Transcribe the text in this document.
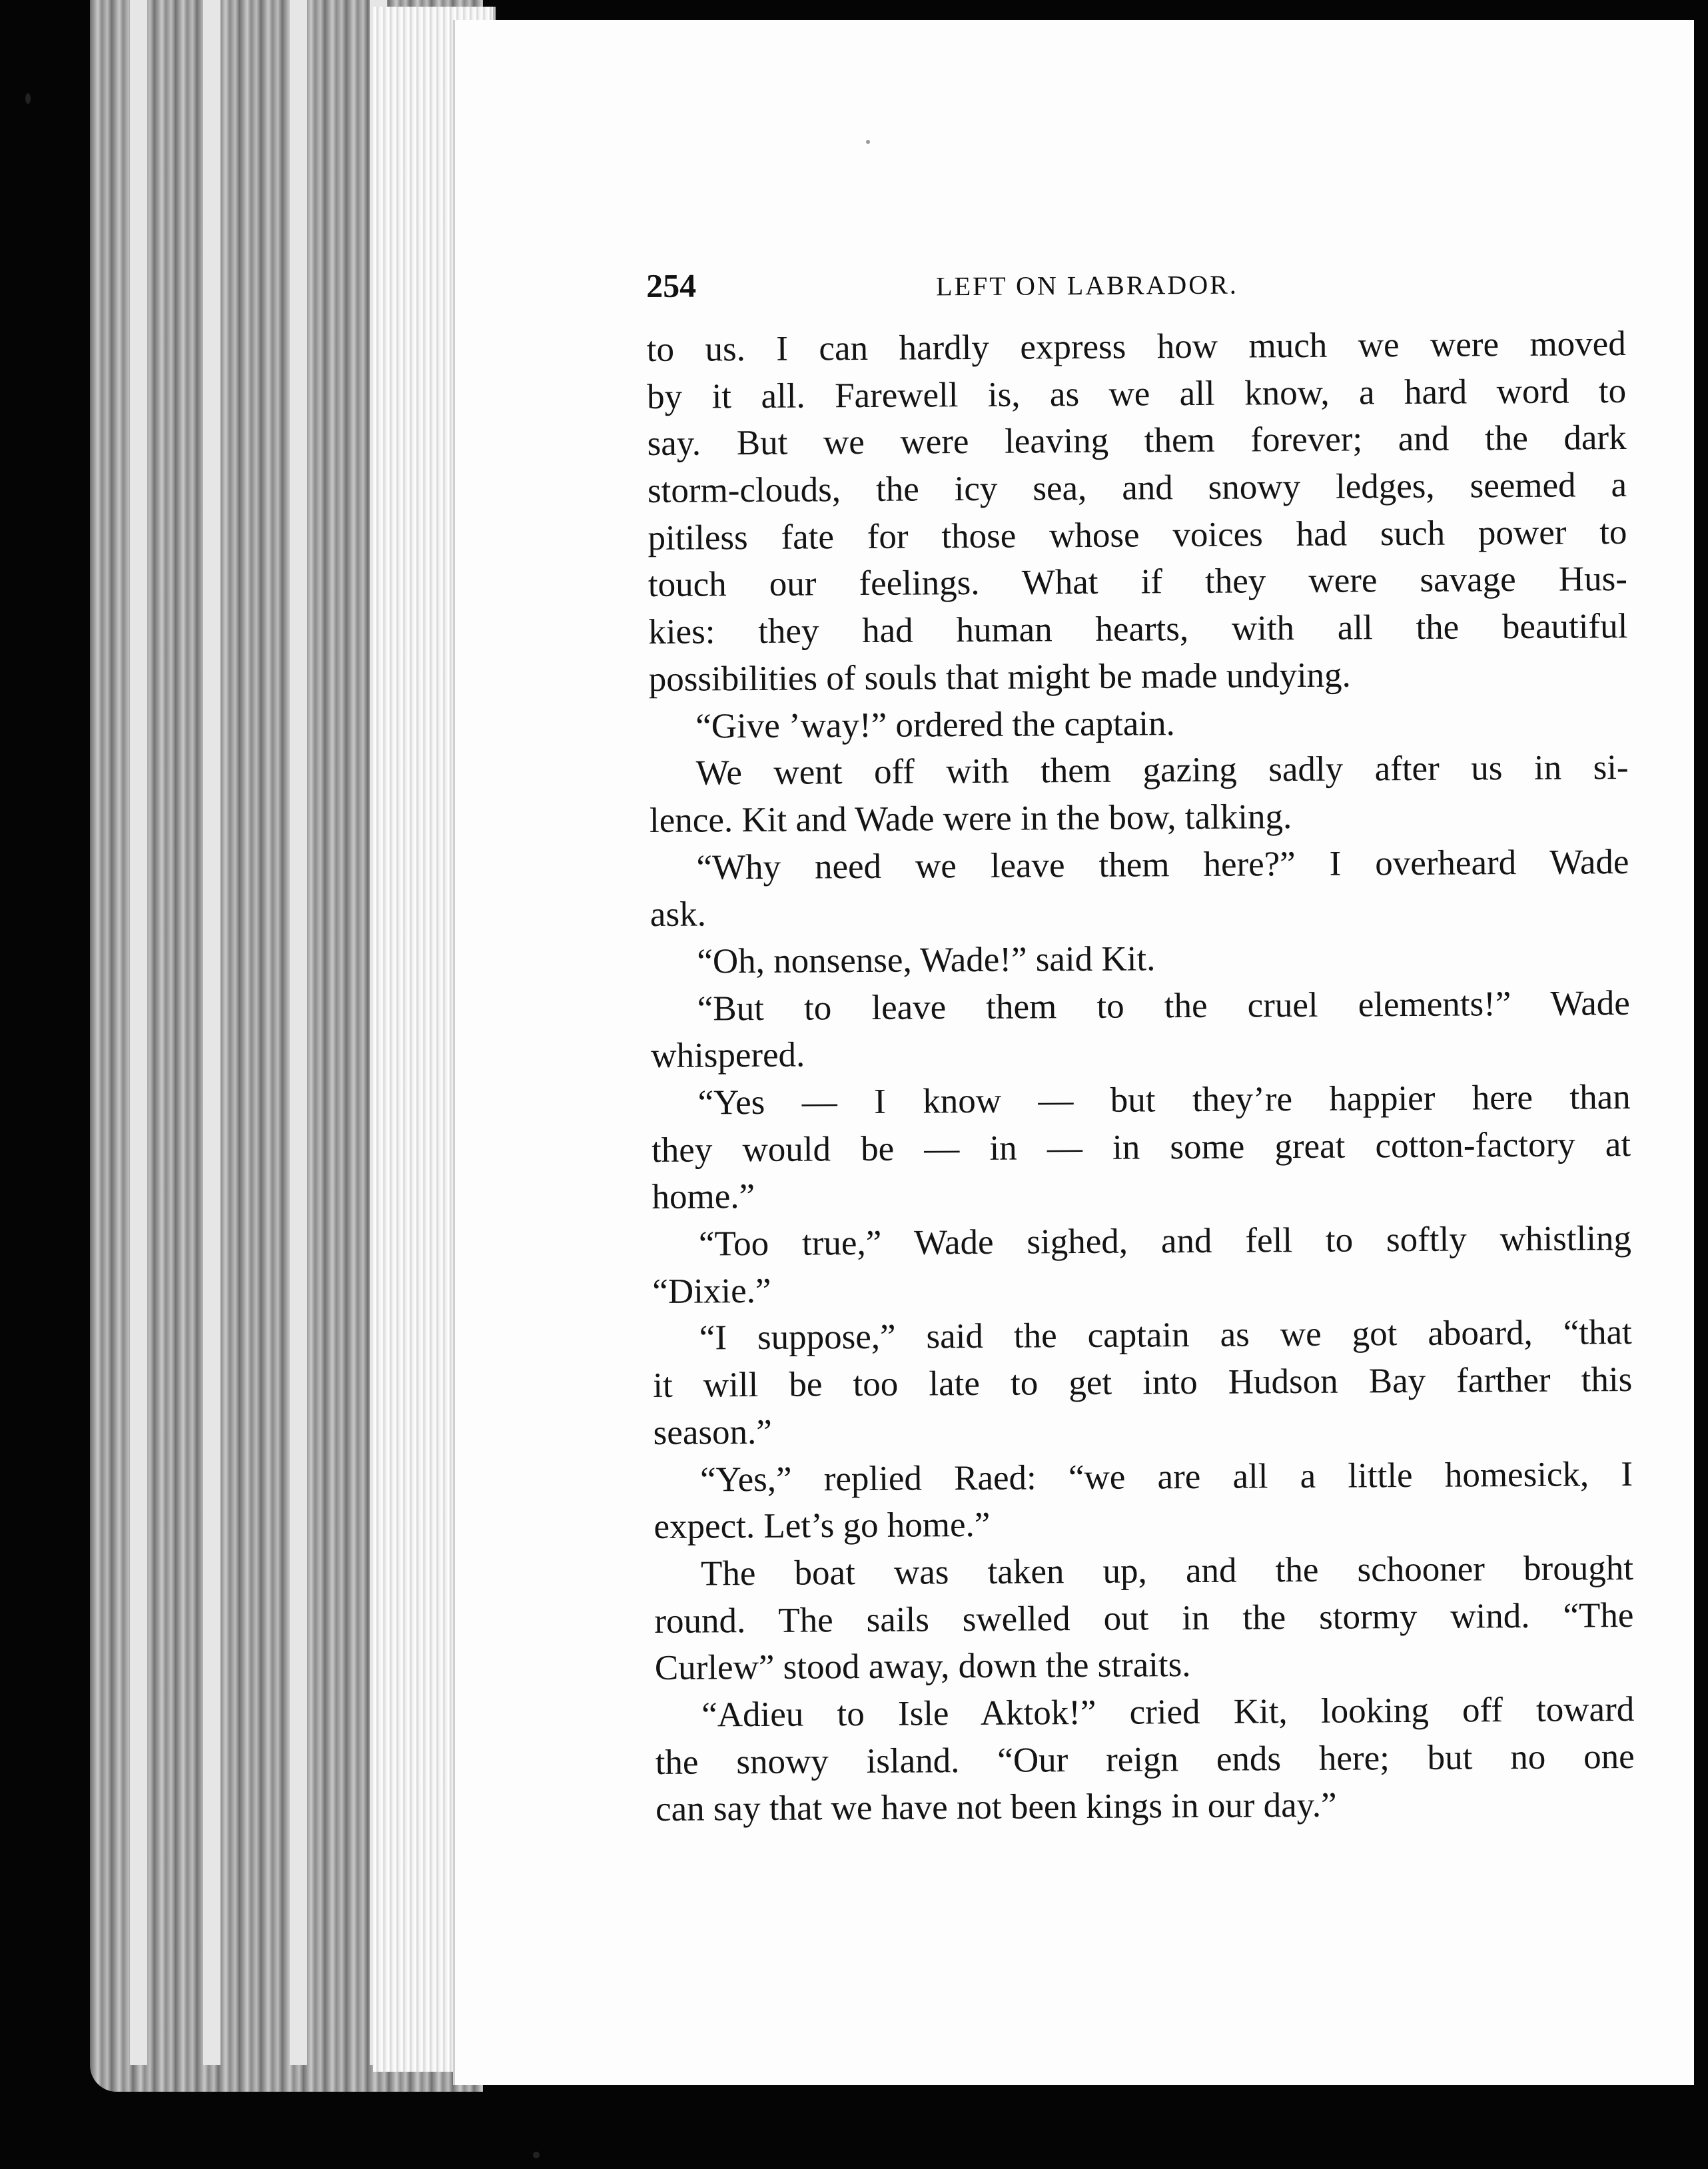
254	LEFT ON LABRADOR.
to us. I can hardly express how much we were moved
by it all. Farewell is, as we all know, a hard word to
say. But we were leaving them forever; and the dark
storm-clouds, the icy sea, and snowy ledges, seemed a
pitiless fate for those whose voices had such power to
touch our feelings. What if they were savage Hus-
kies: they had human hearts, with all the beautiful
possibilities of souls that might be made undying.
“Give ’way!” ordered the captain.
We went off with them gazing sadly after us in si-
lence. Kit and Wade were in the bow, talking.
“Why need we leave them here?” I overheard Wade
ask.
“Oh, nonsense, Wade!” said Kit.
“But to leave them to the cruel elements!” Wade
whispered.
“Yes — I know — but they’re happier here than
they would be — in — in some great cotton-factory at
home.”
“Too true,” Wade sighed, and fell to softly whistling
“Dixie.”
“I suppose,” said the captain as we got aboard, “that
it will be too late to get into Hudson Bay farther this
season.”
“Yes,” replied Raed: “we are all a little homesick, I
expect. Let’s go home.”
The boat was taken up, and the schooner brought
round. The sails swelled out in the stormy wind. “The
Curlew” stood away, down the straits.
“Adieu to Isle Aktok!” cried Kit, looking off toward
the snowy island. “Our reign ends here; but no one
can say that we have not been kings in our day.”
